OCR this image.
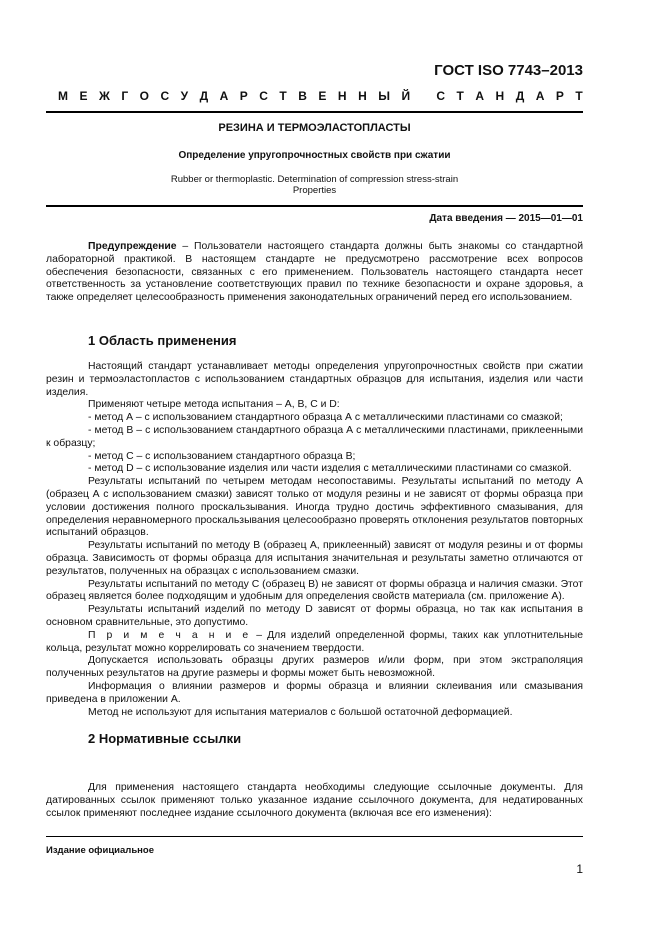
ГОСТ ISO 7743–2013
М Е Ж Г О С У Д А Р С Т В Е Н Н Ы Й
С Т А Н Д А Р Т
РЕЗИНА И ТЕРМОЭЛАСТОПЛАСТЫ
Определение упругопрочностных свойств при сжатии
Rubber or thermoplastic. Determination of compression stress-strain
Properties
Дата введения — 2015—01—01

Предупреждение – Пользователи настоящего стандарта должны быть знакомы со стандартной лабораторной практикой. В настоящем стандарте не предусмотрено рассмотрение всех вопросов обеспечения безопасности, связанных с его применением. Пользователь настоящего стандарта несет ответственность за установление соответствующих правил по технике безопасности и охране здоровья, а также определяет целесообразность применения законодательных ограничений перед его использованием.

1 Область применения

Настоящий стандарт устанавливает методы определения упругопрочностных свойств при сжатии резин и термоэластопластов с использованием стандартных образцов для испытания, изделия или части изделия.

Применяют четыре метода испытания – А, В, С и D:

- метод А – с использованием стандартного образца А с металлическими пластинами со смазкой;

- метод В – с использованием стандартного образца А с металлическими пластинами, приклеенными к образцу;

- метод С – с использованием стандартного образца В;

- метод D – с использование изделия или части изделия с металлическими пластинами со смазкой.

Результаты испытаний по четырем методам несопоставимы. Результаты испытаний по методу А (образец А с использованием смазки) зависят только от модуля резины и не зависят от формы образца при условии достижения полного проскальзывания. Иногда трудно достичь эффективного смазывания, для определения неравномерного проскальзывания целесообразно проверять отклонения результатов повторных испытаний образцов.

Результаты испытаний по методу В (образец А, приклеенный) зависят от модуля резины и от формы образца. Зависимость от формы образца для испытания значительная и результаты заметно отличаются от результатов, полученных на образцах с использованием смазки.

Результаты испытаний по методу С (образец В) не зависят от формы образца и наличия смазки. Этот образец является более подходящим и удобным для определения свойств материала (см. приложение А).

Результаты испытаний изделий по методу D зависят от формы образца, но так как испытания в основном сравнительные, это допустимо.

П р и м е ч а н и е – Для изделий определенной формы, таких как уплотнительные кольца, результат можно коррелировать со значением твердости.

Допускается использовать образцы других размеров и/или форм, при этом экстраполяция полученных результатов на другие размеры и формы может быть невозможной.

Информация о влиянии размеров и формы образца и влиянии склеивания или смазывания приведена в приложении А.

Метод не используют для испытания материалов с большой остаточной деформацией.

2 Нормативные ссылки

Для применения настоящего стандарта необходимы следующие ссылочные документы. Для датированных ссылок применяют только указанное издание ссылочного документа, для недатированных ссылок применяют последнее издание ссылочного документа (включая все его изменения):

Издание официальное
1
